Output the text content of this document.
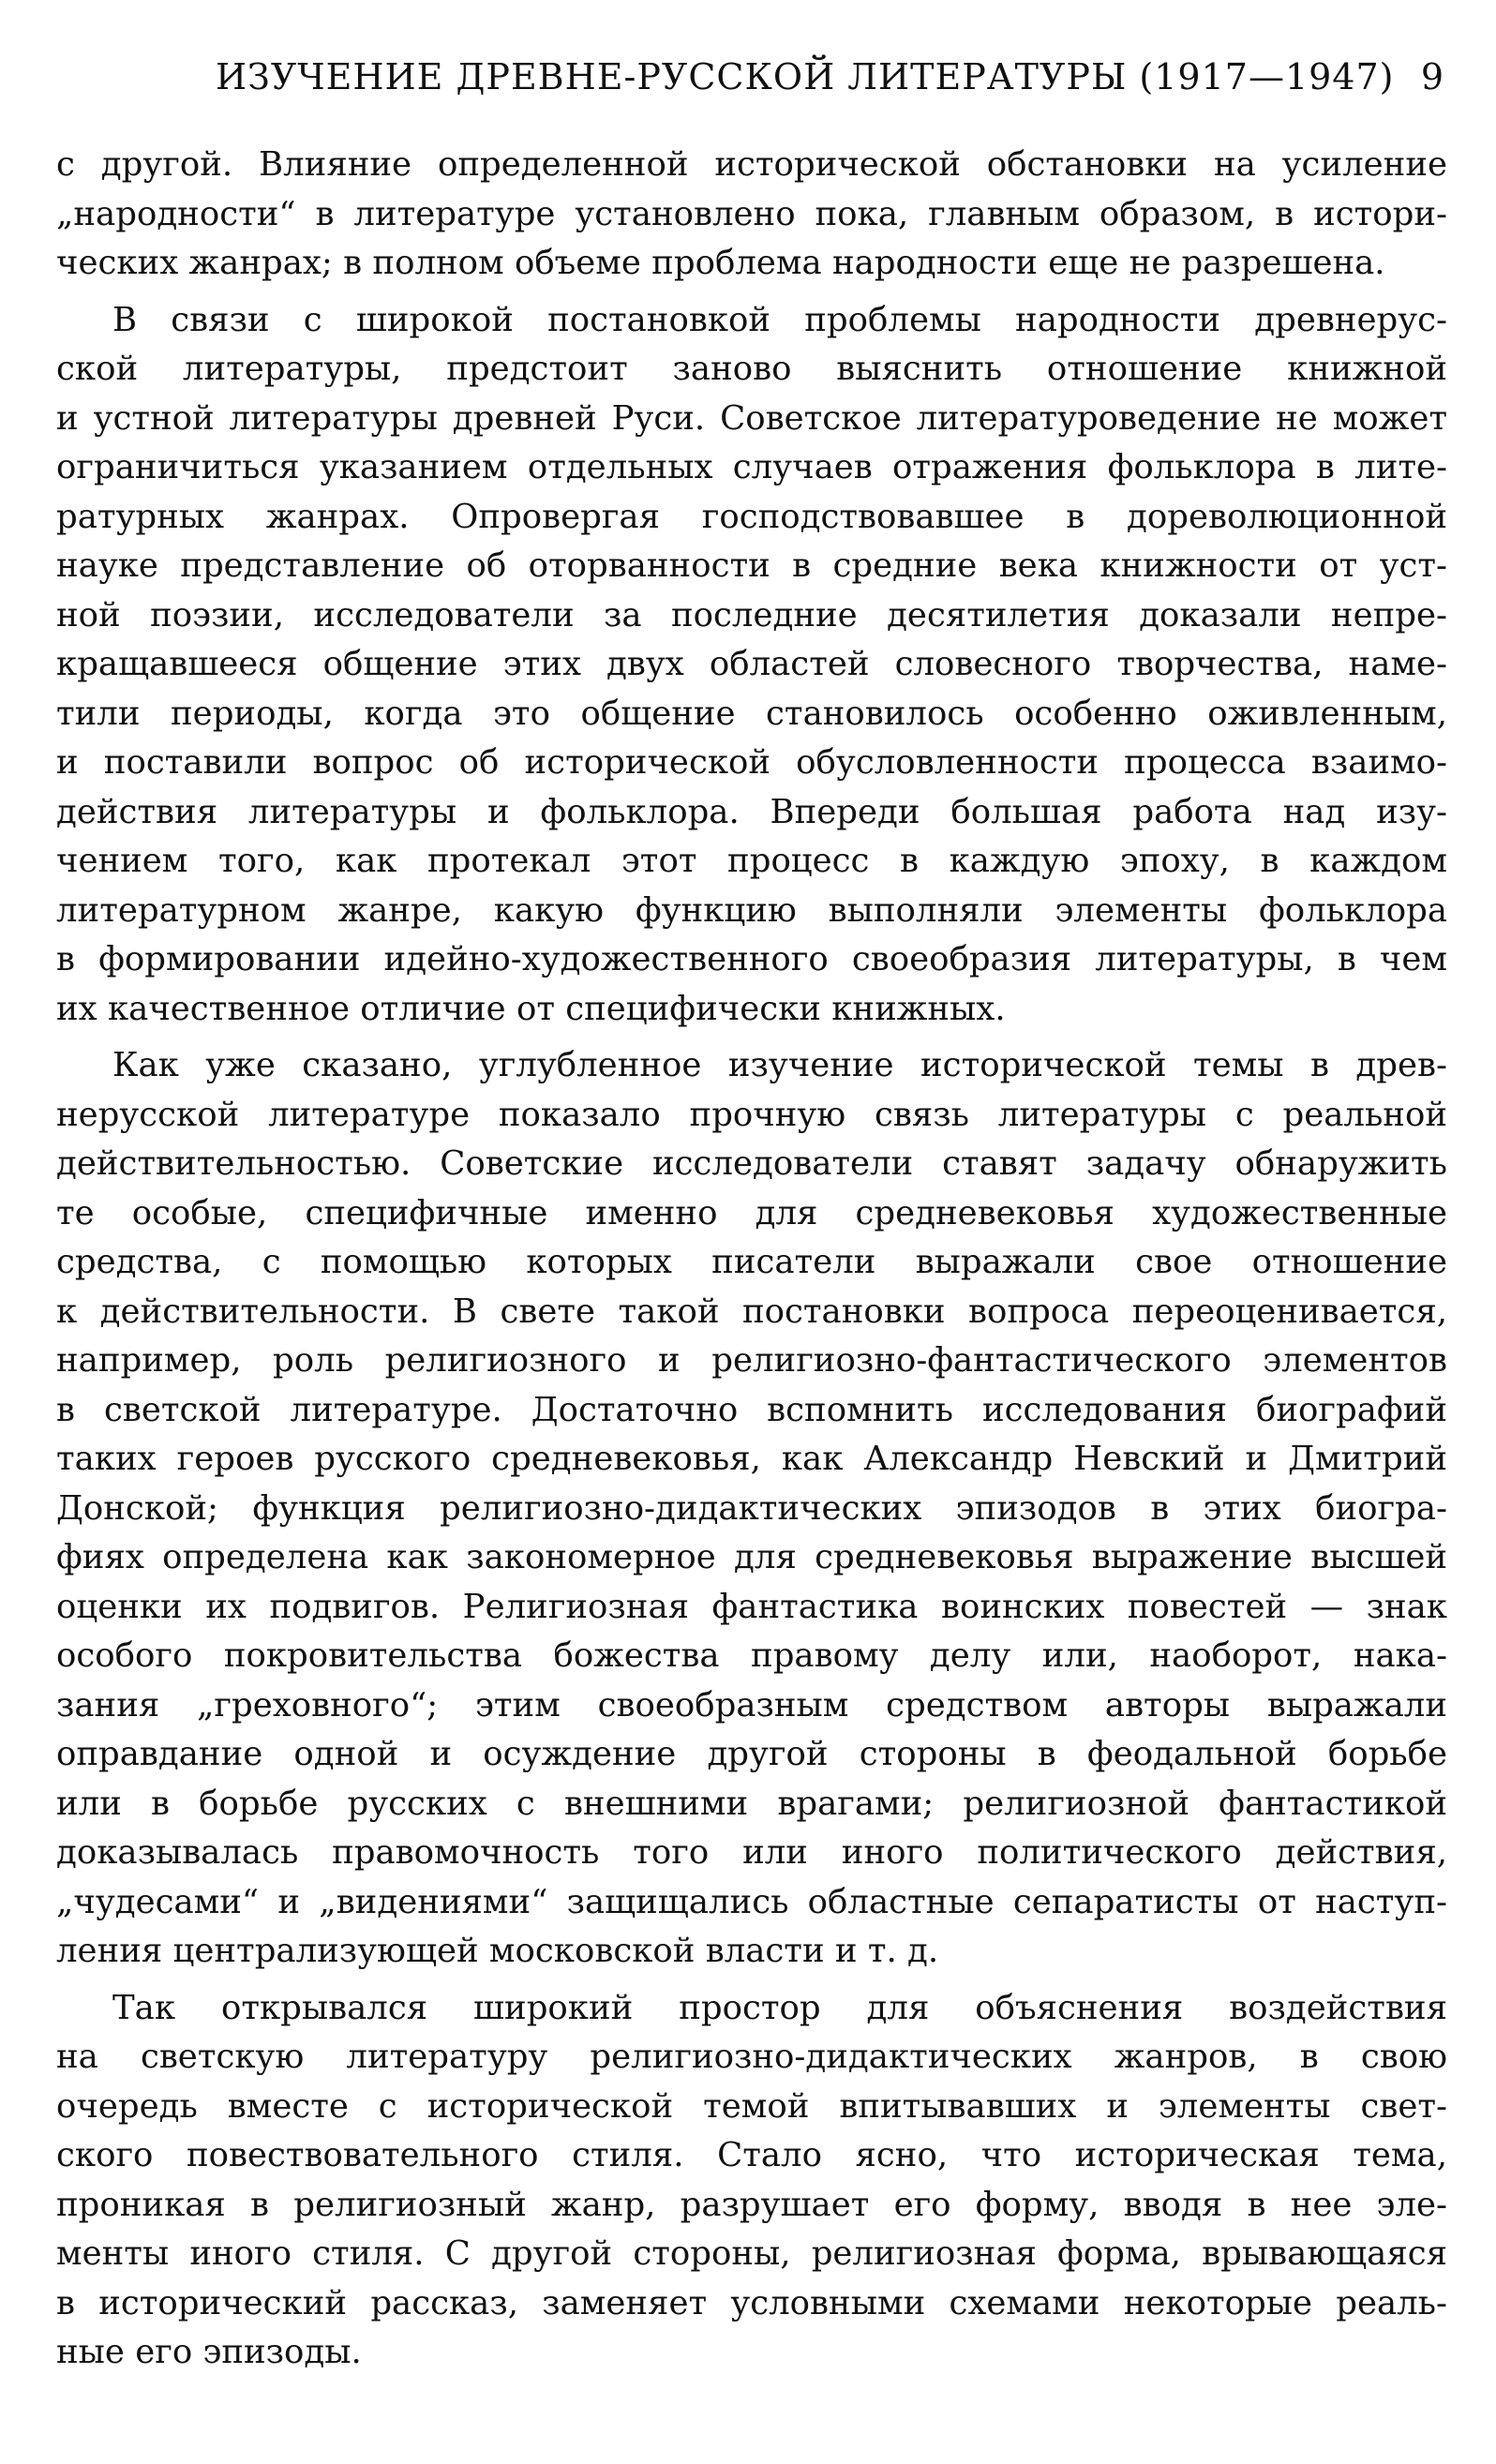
ИЗУЧЕНИЕ ДРЕВНЕ-РУССКОЙ ЛИТЕРАТУРЫ (1917—1947) 9
с другой. Влияние определенной исторической обстановки на усиление
„народности“ в литературе установлено пока, главным образом, в истори-
ческих жанрах; в полном объеме проблема народности еще не разрешена.
В связи с широкой постановкой проблемы народности древнерус-
ской литературы, предстоит заново выяснить отношение книжной
и устной литературы древней Руси. Советское литературоведение не может
ограничиться указанием отдельных случаев отражения фольклора в лите-
ратурных жанрах. Опровергая господствовавшее в дореволюционной
науке представление об оторванности в средние века книжности от уст-
ной поэзии, исследователи за последние десятилетия доказали непре-
кращавшееся общение этих двух областей словесного творчества, наме-
тили периоды, когда это общение становилось особенно оживленным,
и поставили вопрос об исторической обусловленности процесса взаимо-
действия литературы и фольклора. Впереди большая работа над изу-
чением того, как протекал этот процесс в каждую эпоху, в каждом
литературном жанре, какую функцию выполняли элементы фольклора
в формировании идейно-художественного своеобразия литературы, в чем
их качественное отличие от специфически книжных.
Как уже сказано, углубленное изучение исторической темы в древ-
нерусской литературе показало прочную связь литературы с реальной
действительностью. Советские исследователи ставят задачу обнаружить
те особые, специфичные именно для средневековья художественные
средства, с помощью которых писатели выражали свое отношение
к действительности. В свете такой постановки вопроса переоценивается,
например, роль религиозного и религиозно-фантастического элементов
в светской литературе. Достаточно вспомнить исследования биографий
таких героев русского средневековья, как Александр Невский и Дмитрий
Донской; функция религиозно-дидактических эпизодов в этих биогра-
фиях определена как закономерное для средневековья выражение высшей
оценки их подвигов. Религиозная фантастика воинских повестей — знак
особого покровительства божества правому делу или, наоборот, нака-
зания „греховного“; этим своеобразным средством авторы выражали
оправдание одной и осуждение другой стороны в феодальной борьбе
или в борьбе русских с внешними врагами; религиозной фантастикой
доказывалась правомочность того или иного политического действия,
„чудесами“ и „видениями“ защищались областные сепаратисты от наступ-
ления централизующей московской власти и т. д.
Так открывался широкий простор для объяснения воздействия
на светскую литературу религиозно-дидактических жанров, в свою
очередь вместе с исторической темой впитывавших и элементы свет-
ского повествовательного стиля. Стало ясно, что историческая тема,
проникая в религиозный жанр, разрушает его форму, вводя в нее эле-
менты иного стиля. С другой стороны, религиозная форма, врывающаяся
в исторический рассказ, заменяет условными схемами некоторые реаль-
ные его эпизоды.
